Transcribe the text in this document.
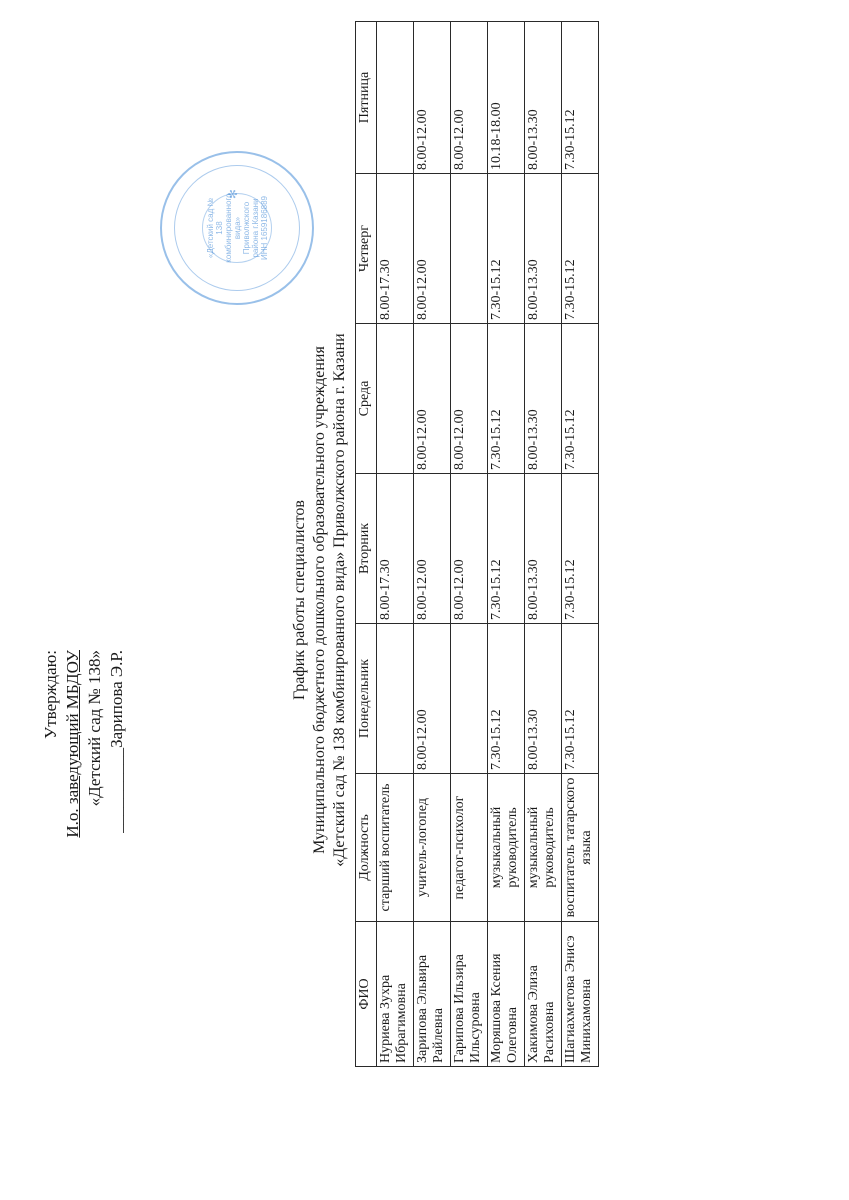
Утверждаю: И.о. заведующий МБДОУ «Детский сад № 138» __________Зарипова Э.Р.
«Детский сад № 138 комбинированного вида» Приволжского района г.Казани ИНН 1659186889
✻
График работы специалистов Муниципального бюджетного дошкольного образовательного учреждения «Детский сад № 138 комбинированного вида» Приволжского района г. Казани
ФИО	Должность	Понедельник	Вторник	Среда	Четверг	Пятница
Нуриева Зухра Ибрагимовна	старший воспитатель		8.00-17.30		8.00-17.30	
Зарипова Эльвира Райлевна	учитель-логопед	8.00-12.00	8.00-12.00	8.00-12.00	8.00-12.00	8.00-12.00
Гарипова Ильзира Ильсуровна	педагог-психолог		8.00-12.00	8.00-12.00		8.00-12.00
Моряшова Ксения Олеговна	музыкальный руководитель	7.30-15.12	7.30-15.12	7.30-15.12	7.30-15.12	10.18-18.00
Хакимова Элиза Расиховна	музыкальный руководитель	8.00-13.30	8.00-13.30	8.00-13.30	8.00-13.30	8.00-13.30
Шагиахметова Энисэ Минихамовна	воспитатель татарского языка	7.30-15.12	7.30-15.12	7.30-15.12	7.30-15.12	7.30-15.12
